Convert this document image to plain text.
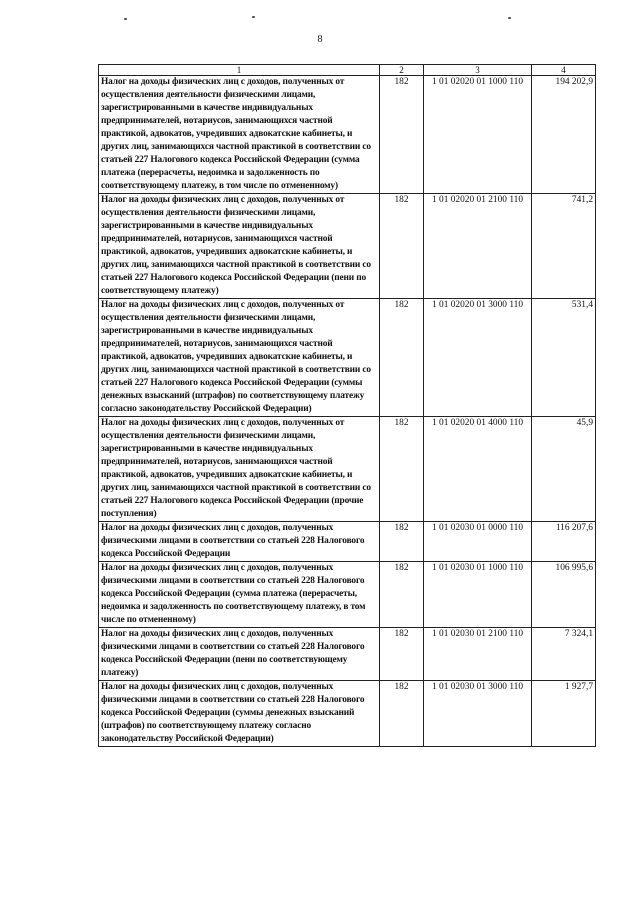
8
1	2	3	4
Налог на доходы физических лиц с доходов, полученных от осуществления деятельности физическими лицами, зарегистрированными в качестве индивидуальных предпринимателей, нотариусов, занимающихся частной практикой, адвокатов, учредивших адвокатские кабинеты, и других лиц, занимающихся частной практикой в соответствии со статьей 227 Налогового кодекса Российской Федерации (сумма платежа (перерасчеты, недоимка и задолженность по соответствующему платежу, в том числе по отмененному)	182	1 01 02020 01 1000 110	194 202,9
Налог на доходы физических лиц с доходов, полученных от осуществления деятельности физическими лицами, зарегистрированными в качестве индивидуальных предпринимателей, нотариусов, занимающихся частной практикой, адвокатов, учредивших адвокатские кабинеты, и других лиц, занимающихся частной практикой в соответствии со статьей 227 Налогового кодекса Российской Федерации (пени по соответствующему платежу)	182	1 01 02020 01 2100 110	741,2
Налог на доходы физических лиц с доходов, полученных от осуществления деятельности физическими лицами, зарегистрированными в качестве индивидуальных предпринимателей, нотариусов, занимающихся частной практикой, адвокатов, учредивших адвокатские кабинеты, и других лиц, занимающихся частной практикой в соответствии со статьей 227 Налогового кодекса Российской Федерации (суммы денежных взысканий (штрафов) по соответствующему платежу согласно законодательству Российской Федерации)	182	1 01 02020 01 3000 110	531,4
Налог на доходы физических лиц с доходов, полученных от осуществления деятельности физическими лицами, зарегистрированными в качестве индивидуальных предпринимателей, нотариусов, занимающихся частной практикой, адвокатов, учредивших адвокатские кабинеты, и других лиц, занимающихся частной практикой в соответствии со статьей 227 Налогового кодекса Российской Федерации (прочие поступления)	182	1 01 02020 01 4000 110	45,9
Налог на доходы физических лиц с доходов, полученных физическими лицами в соответствии со статьей 228 Налогового кодекса Российской Федерации	182	1 01 02030 01 0000 110	116 207,6
Налог на доходы физических лиц с доходов, полученных физическими лицами в соответствии со статьей 228 Налогового кодекса Российской Федерации (сумма платежа (перерасчеты, недоимка и задолженность по соответствующему платежу, в том числе по отмененному)	182	1 01 02030 01 1000 110	106 995,6
Налог на доходы физических лиц с доходов, полученных физическими лицами в соответствии со статьей 228 Налогового кодекса Российской Федерации (пени по соответствующему платежу)	182	1 01 02030 01 2100 110	7 324,1
Налог на доходы физических лиц с доходов, полученных физическими лицами в соответствии со статьей 228 Налогового кодекса Российской Федерации (суммы денежных взысканий (штрафов) по соответствующему платежу согласно законодательству Российской Федерации)	182	1 01 02030 01 3000 110	1 927,7
